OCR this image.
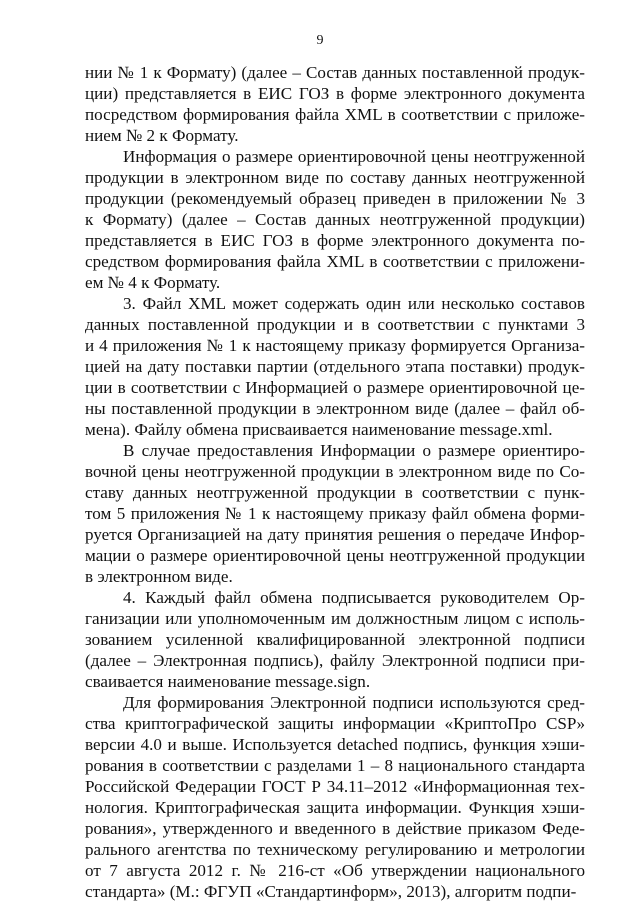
9
нии № 1 к Формату) (далее – Состав данных поставленной продук-
ции) представляется в ЕИС ГОЗ в форме электронного документа
посредством формирования файла XML в соответствии с приложе-
нием № 2 к Формату.
Информация о размере ориентировочной цены неотгруженной
продукции в электронном виде по составу данных неотгруженной
продукции (рекомендуемый образец приведен в приложении № 3
к Формату) (далее – Состав данных неотгруженной продукции)
представляется в ЕИС ГОЗ в форме электронного документа по-
средством формирования файла XML в соответствии с приложени-
ем № 4 к Формату.
3. Файл XML может содержать один или несколько составов
данных поставленной продукции и в соответствии с пунктами 3
и 4 приложения № 1 к настоящему приказу формируется Организа-
цией на дату поставки партии (отдельного этапа поставки) продук-
ции в соответствии с Информацией о размере ориентировочной це-
ны поставленной продукции в электронном виде (далее – файл об-
мена). Файлу обмена присваивается наименование message.xml.
В случае предоставления Информации о размере ориентиро-
вочной цены неотгруженной продукции в электронном виде по Со-
ставу данных неотгруженной продукции в соответствии с пунк-
том 5 приложения № 1 к настоящему приказу файл обмена форми-
руется Организацией на дату принятия решения о передаче Инфор-
мации о размере ориентировочной цены неотгруженной продукции
в электронном виде.
4. Каждый файл обмена подписывается руководителем Ор-
ганизации или уполномоченным им должностным лицом с исполь-
зованием усиленной квалифицированной электронной подписи
(далее – Электронная подпись), файлу Электронной подписи при-
сваивается наименование message.sign.
Для формирования Электронной подписи используются сред-
ства криптографической защиты информации «КриптоПро CSP»
версии 4.0 и выше. Используется detached подпись, функция хэши-
рования в соответствии с разделами 1 – 8 национального стандарта
Российской Федерации ГОСТ Р 34.11–2012 «Информационная тех-
нология. Криптографическая защита информации. Функция хэши-
рования», утвержденного и введенного в действие приказом Феде-
рального агентства по техническому регулированию и метрологии
от 7 августа 2012 г. № 216-ст «Об утверждении национального
стандарта» (М.: ФГУП «Стандартинформ», 2013), алгоритм подпи-
